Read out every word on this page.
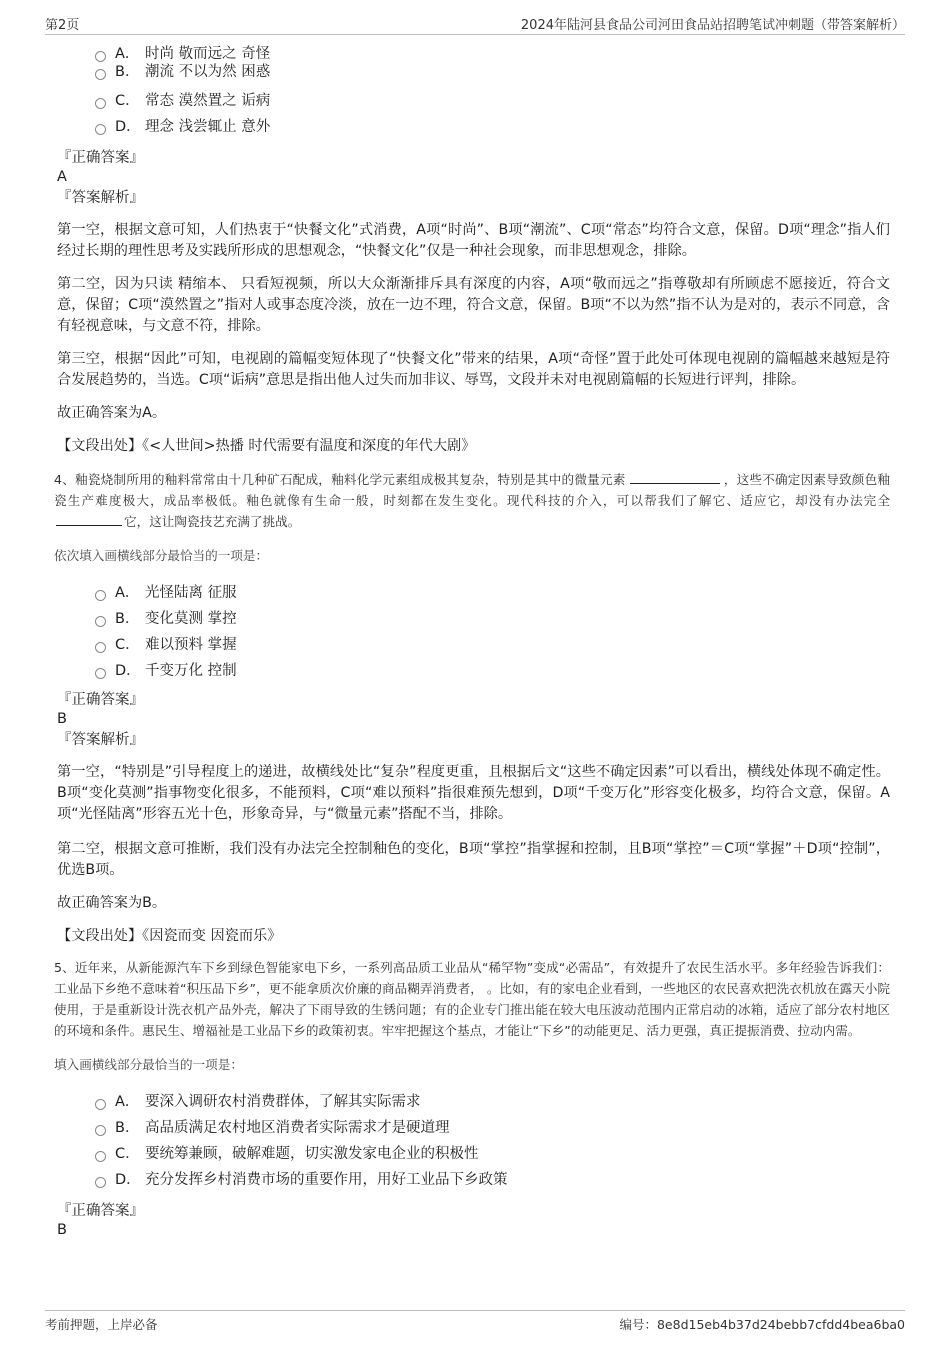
第2页	2024年陆河县食品公司河田食品站招聘笔试冲刺题（带答案解析）
A． 时尚 敬而远之 奇怪
B． 潮流 不以为然 困惑
C． 常态 漠然置之 诟病
D． 理念 浅尝辄止 意外

『正确答案』

A

『答案解析』

第一空，根据文意可知，人们热衷于“快餐文化”式消费，A项“时尚”、B项“潮流”、C项“常态”均符合文意，保留。D项“理念”指人们经过长期的理性思考及实践所形成的思想观念，“快餐文化”仅是一种社会现象，而非思想观念，排除。

第二空，因为只读 精缩本、 只看短视频，所以大众渐渐排斥具有深度的内容，A项“敬而远之”指尊敬却有所顾虑不愿接近，符合文意，保留；C项“漠然置之”指对人或事态度冷淡，放在一边不理，符合文意，保留。B项“不以为然”指不认为是对的，表示不同意，含有轻视意味，与文意不符，排除。

第三空，根据“因此”可知，电视剧的篇幅变短体现了“快餐文化”带来的结果，A项“奇怪”置于此处可体现电视剧的篇幅越来越短是符合发展趋势的，当选。C项“诟病”意思是指出他人过失而加非议、辱骂，文段并未对电视剧篇幅的长短进行评判，排除。

故正确答案为A。

【文段出处】《<人世间>热播 时代需要有温度和深度的年代大剧》

4、釉瓷烧制所用的釉料常常由十几种矿石配成，釉料化学元素组成极其复杂，特别是其中的微量元素	，这些不确定因素导致颜色釉瓷生产难度极大，成品率极低。釉色就像有生命一般，时刻都在发生变化。现代科技的介入，可以帮我们了解它、适应它，却没有办法完全它，这让陶瓷技艺充满了挑战。

依次填入画横线部分最恰当的一项是：

A． 光怪陆离 征服
B． 变化莫测 掌控
C． 难以预料 掌握
D． 千变万化 控制

『正确答案』

B

『答案解析』

第一空，“特别是”引导程度上的递进，故横线处比“复杂”程度更重，且根据后文“这些不确定因素”可以看出，横线处体现不确定性。B项“变化莫测”指事物变化很多，不能预料，C项“难以预料”指很难预先想到，D项“千变万化”形容变化极多，均符合文意，保留。A项“光怪陆离”形容五光十色，形象奇异，与“微量元素”搭配不当，排除。

第二空，根据文意可推断，我们没有办法完全控制釉色的变化，B项“掌控”指掌握和控制，且B项“掌控”＝C项“掌握”＋D项“控制”，优选B项。

故正确答案为B。

【文段出处】《因瓷而变 因瓷而乐》

5、近年来，从新能源汽车下乡到绿色智能家电下乡，一系列高品质工业品从“稀罕物”变成“必需品”，有效提升了农民生活水平。多年经验告诉我们：工业品下乡绝不意味着“积压品下乡”，更不能拿质次价廉的商品糊弄消费者， 。比如，有的家电企业看到，一些地区的农民喜欢把洗衣机放在露天小院使用，于是重新设计洗衣机产品外壳，解决了下雨导致的生锈问题；有的企业专门推出能在较大电压波动范围内正常启动的冰箱，适应了部分农村地区的环境和条件。惠民生、增福祉是工业品下乡的政策初衷。牢牢把握这个基点，才能让“下乡”的动能更足、活力更强，真正提振消费、拉动内需。

填入画横线部分最恰当的一项是：

A． 要深入调研农村消费群体，了解其实际需求
B． 高品质满足农村地区消费者实际需求才是硬道理
C． 要统筹兼顾，破解难题，切实激发家电企业的积极性
D． 充分发挥乡村消费市场的重要作用，用好工业品下乡政策

『正确答案』

B

考前押题，上岸必备	编号：8e8d15eb4b37d24bebb7cfdd4bea6ba0
